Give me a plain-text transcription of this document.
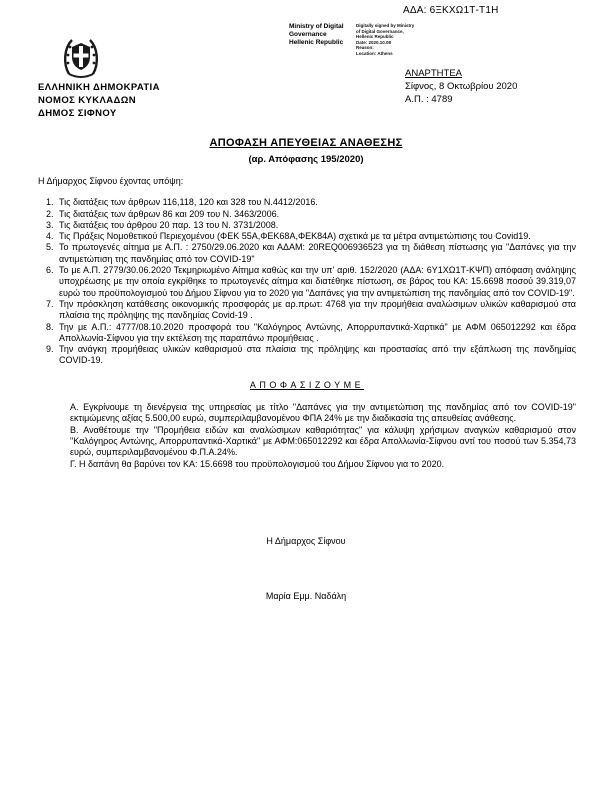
ΑΔΑ: 6ΞΚΧΩ1Τ-Τ1Η
Ministry of Digital
Governance
Hellenic Republic
Digitally signed by Ministry
of Digital Governance,
Hellenic Republic
Date: 2020.10.08
Reason:
Location: Athens
ΕΛΛΗΝΙΚΗ ΔΗΜΟΚΡΑΤΙΑ
ΝΟΜΟΣ ΚΥΚΛΑΔΩΝ
ΔΗΜΟΣ ΣΙΦΝΟΥ
ΑΝΑΡΤΗΤΕΑ
Σίφνος, 8 Οκτωβρίου 2020
Α.Π. : 4789
ΑΠΟΦΑΣΗ ΑΠΕΥΘΕΙΑΣ ΑΝΑΘΕΣΗΣ
(αρ. Απόφασης 195/2020)
Η Δήμαρχος Σίφνου έχοντας υπόψη:
1. Τις διατάξεις των άρθρων 116,118, 120 και 328 του Ν.4412/2016.
2. Τις διατάξεις των άρθρων 86 και 209 του Ν. 3463/2006.
3. Τις διατάξεις του άρθρου 20 παρ. 13 του Ν. 3731/2008.
4. Τις Πράξεις Νομοθετικού Περιεχομένου (ΦΕΚ 55Α,ΦΕΚ68Α,ΦΕΚ84Α) σχετικά με τα μέτρα αντιμετώπισης του Covid19.
5. Το πρωτογενές αίτημα με Α.Π. : 2750/29.06.2020 και ΑΔΑΜ: 20REQ006936523 για τη διάθεση πίστωσης για "Δαπάνες για την αντιμετώπιση της πανδημίας από τον COVID-19"
6. Το με Α.Π. 2779/30.06.2020 Τεκμηριωμένο Αίτημα καθώς και την υπ' αριθ. 152/2020 (ΑΔΑ: 6Υ1ΧΩ1Τ-ΚΨΠ) απόφαση ανάληψης υποχρέωσης με την οποία εγκρίθηκε το πρωτογενές αίτημα και διατέθηκε πίστωση, σε βάρος του ΚΑ: 15.6698 ποσού 39.319,07 ευρώ του προϋπολογισμού του Δήμου Σίφνου για το 2020 για "Δαπάνες για την αντιμετώπιση της πανδημίας από τον COVID-19".
7. Την πρόσκληση κατάθεσης οικονομικής προσφοράς με αρ.πρωτ: 4768 για την προμήθεια αναλώσιμων υλικών καθαρισμού στα πλαίσια της πρόληψης της πανδημίας Covid-19 .
8. Την με Α.Π.: 4777/08.10.2020 προσφορά του "Καλόγηρος Αντώνης, Απορρυπαντικά-Χαρτικά" με ΑΦΜ 065012292 και έδρα Απολλωνία-Σίφνου για την εκτέλεση της παραπάνω προμήθειας .
9. Την ανάγκη προμήθειας υλικών καθαρισμού στα πλαίσια της πρόληψης και προστασίας από την εξάπλωση της πανδημίας COVID-19.
ΑΠΟΦΑΣΙΖΟΥΜΕ
Α. Εγκρίνουμε τη διενέργεια της υπηρεσίας με τίτλο "Δαπάνες για την αντιμετώπιση της πανδημίας από τον COVID-19" εκτιμώμενης αξίας 5.500,00 ευρώ, συμπεριλαμβανομένου ΦΠΑ 24% με την διαδικασία της απευθείας ανάθεσης.
Β. Αναθέτουμε την "Προμήθεια ειδών και αναλώσιμων καθαριότητας" για κάλυψη χρήσιμων αναγκών καθαρισμού στον "Καλόγηρος Αντώνης, Απορρυπαντικά-Χαρτικά" με ΑΦΜ:065012292 και έδρα Απολλωνία-Σίφνου αντί του ποσού των 5.354,73 ευρώ, συμπεριλαμβανομένου Φ.Π.Α.24%.
Γ. Η δαπάνη θα βαρύνει τον ΚΑ: 15.6698 του προϋπολογισμού του Δήμου Σίφνου για το 2020.
Η Δήμαρχος Σίφνου
Μαρία Εμμ. Ναδάλη
